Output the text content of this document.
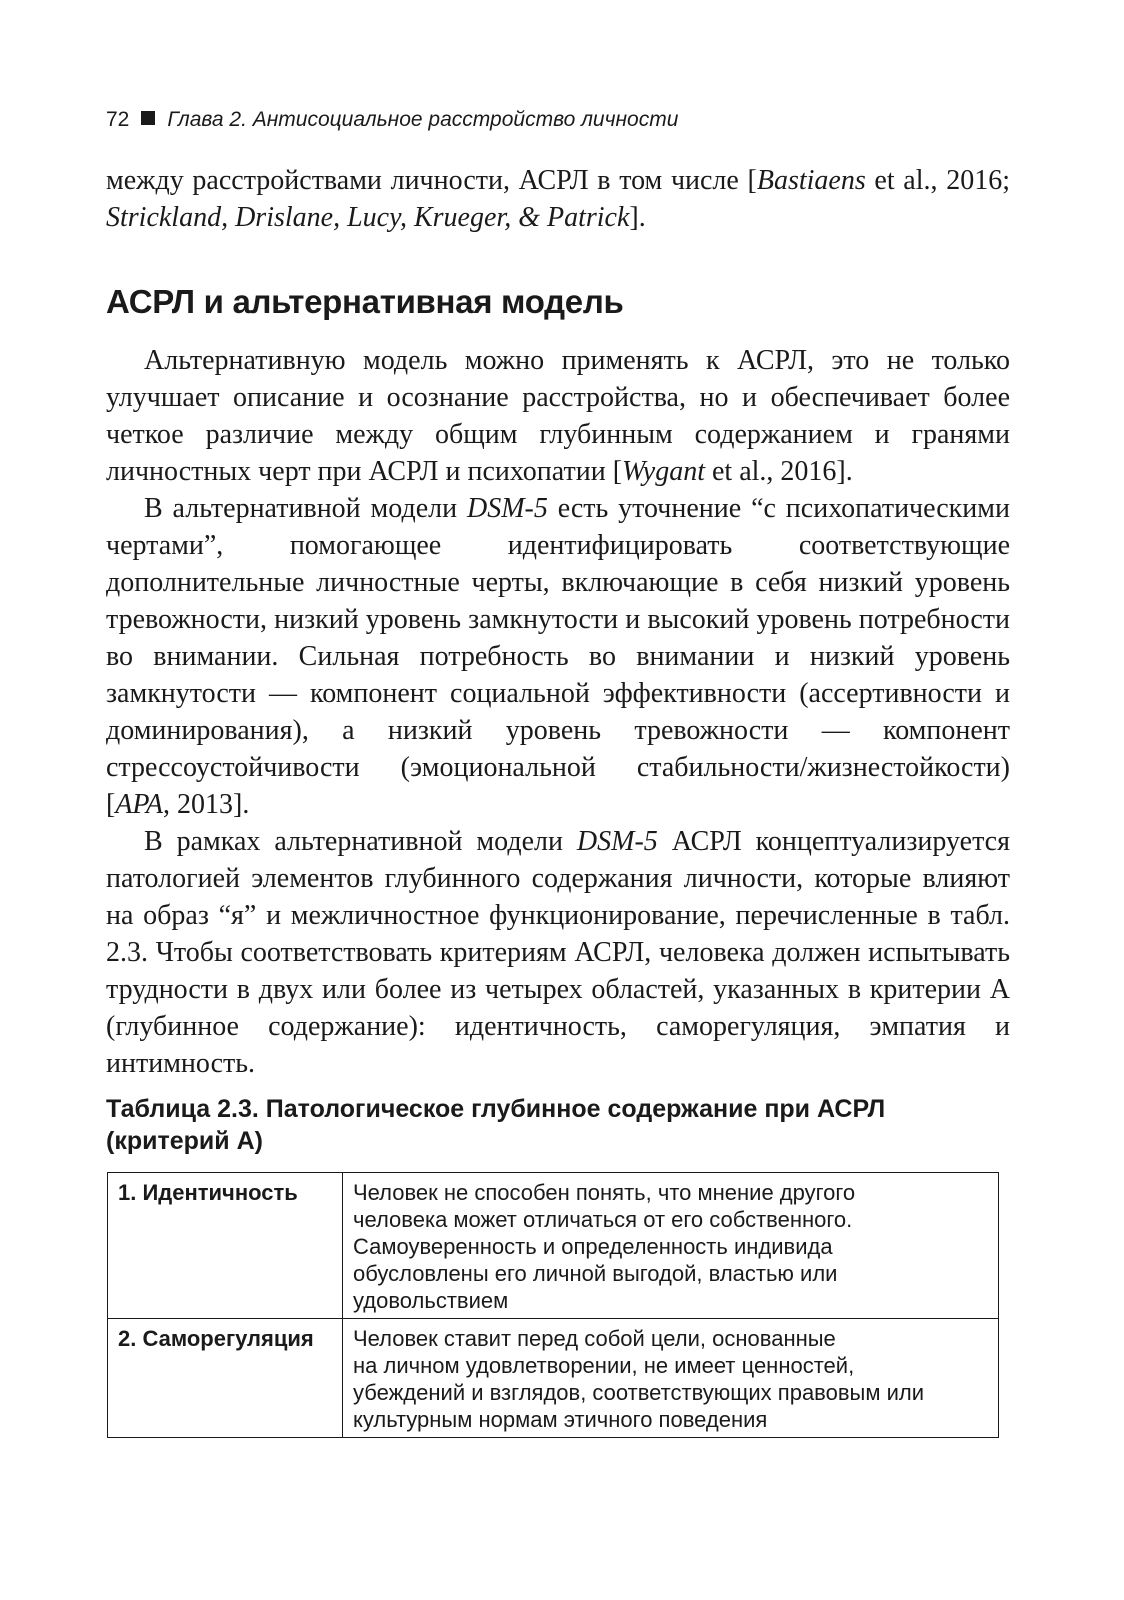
72 Глава 2. Антисоциальное расстройство личности

между расстройствами личности, АСРЛ в том числе [Bastiaens et al., 2016; Strickland, Drislane, Lucy, Krueger, & Patrick].

АСРЛ и альтернативная модель

Альтернативную модель можно применять к АСРЛ, это не только улучшает описание и осознание расстройства, но и обеспечивает более четкое различие между общим глубинным содержанием и гранями личностных черт при АСРЛ и психопатии [Wygant et al., 2016].

В альтернативной модели DSM-5 есть уточнение “с психопатическими чертами”, помогающее идентифицировать соответствующие дополнительные личностные черты, включающие в себя низкий уровень тревожности, низкий уровень замкнутости и высокий уровень потребности во внимании. Сильная потребность во внимании и низкий уровень замкнутости — компонент социальной эффективности (ассертивности и доминирования), а низкий уровень тревожности — компонент стрессоустойчивости (эмоциональной стабильности/жизнестойкости) [APA, 2013].

В рамках альтернативной модели DSM-5 АСРЛ концептуализируется патологией элементов глубинного содержания личности, которые влияют на образ “я” и межличностное функционирование, перечисленные в табл. 2.3. Чтобы соответствовать критериям АСРЛ, человека должен испытывать трудности в двух или более из четырех областей, указанных в критерии А (глубинное содержание): идентичность, саморегуляция, эмпатия и интимность.

Таблица 2.3. Патологическое глубинное содержание при АСРЛ (критерий А)

1. Идентичность	Человек не способен понять, что мнение другого
человека может отличаться от его собственного.
Самоуверенность и определенность индивида
обусловлены его личной выгодой, властью или
удовольствием
2. Саморегуляция	Человек ставит перед собой цели, основанные
на личном удовлетворении, не имеет ценностей,
убеждений и взглядов, соответствующих правовым или
культурным нормам этичного поведения
